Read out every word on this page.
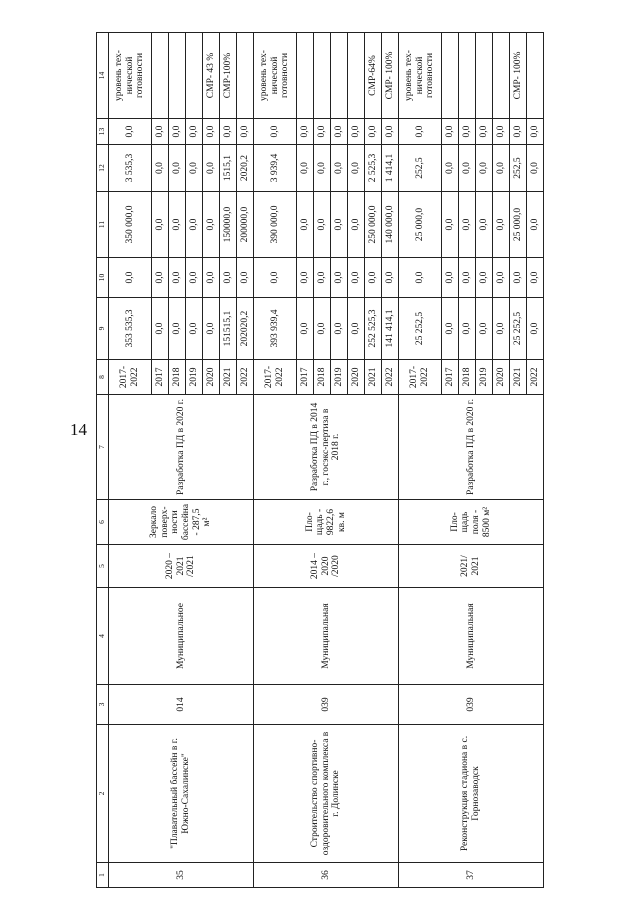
14
1	2	3	4	5	6	7	8	9	10	11	12	13	14
35	"Плавательный бассейн в г. Южно-Сахалинске"	014	Муниципальное	2020 – 2021 /2021	Зеркало поверх-ности бассейна - 287,5 м²	Разработка ПД в 2020 г.	2017-2022	353 535,3	0,0	350 000,0	3 535,3	0,0	уровень тех-нической готовности
							2017	0,0	0,0	0,0	0,0	0,0	
							2018	0,0	0,0	0,0	0,0	0,0	
							2019	0,0	0,0	0,0	0,0	0,0	
							2020	0,0	0,0	0,0	0,0	0,0	СМР- 43 %
							2021	151515,1	0,0	150000,0	1515,1	0,0	СМР-100%
							2022	202020,2	0,0	200000,0	2020,2	0,0	
36	Строительство спортивно-оздоровительного комплекса в г. Долинске	039	Муниципальная	2014 – 2020 /2020	Пло-щадь - 9822,6 кв. м	Разработка ПД в 2014 г., госэкс-пертиза в 2018 г.	2017-2022	393 939,4	0,0	390 000,0	3 939,4	0,0	уровень тех-нической готовности
							2017	0,0	0,0	0,0	0,0	0,0	
							2018	0,0	0,0	0,0	0,0	0,0	
							2019	0,0	0,0	0,0	0,0	0,0	
							2020	0,0	0,0	0,0	0,0	0,0	
							2021	252 525,3	0,0	250 000,0	2 525,3	0,0	СМР-64%
							2022	141 414,1	0,0	140 000,0	1 414,1	0,0	СМР- 100%
37	Реконструкция стадиона в с. Горнозаводск	039	Муниципальная	2021/ 2021	Пло-щадь поля - 8500 м²	Разработка ПД в 2020 г.	2017-2022	25 252,5	0,0	25 000,0	252,5	0,0	уровень тех-нической готовности
							2017	0,0	0,0	0,0	0,0	0,0	
							2018	0,0	0,0	0,0	0,0	0,0	
							2019	0,0	0,0	0,0	0,0	0,0	
							2020	0,0	0,0	0,0	0,0	0,0	
							2021	25 252,5	0,0	25 000,0	252,5	0,0	СМР- 100%
							2022	0,0	0,0	0,0	0,0	0,0	
